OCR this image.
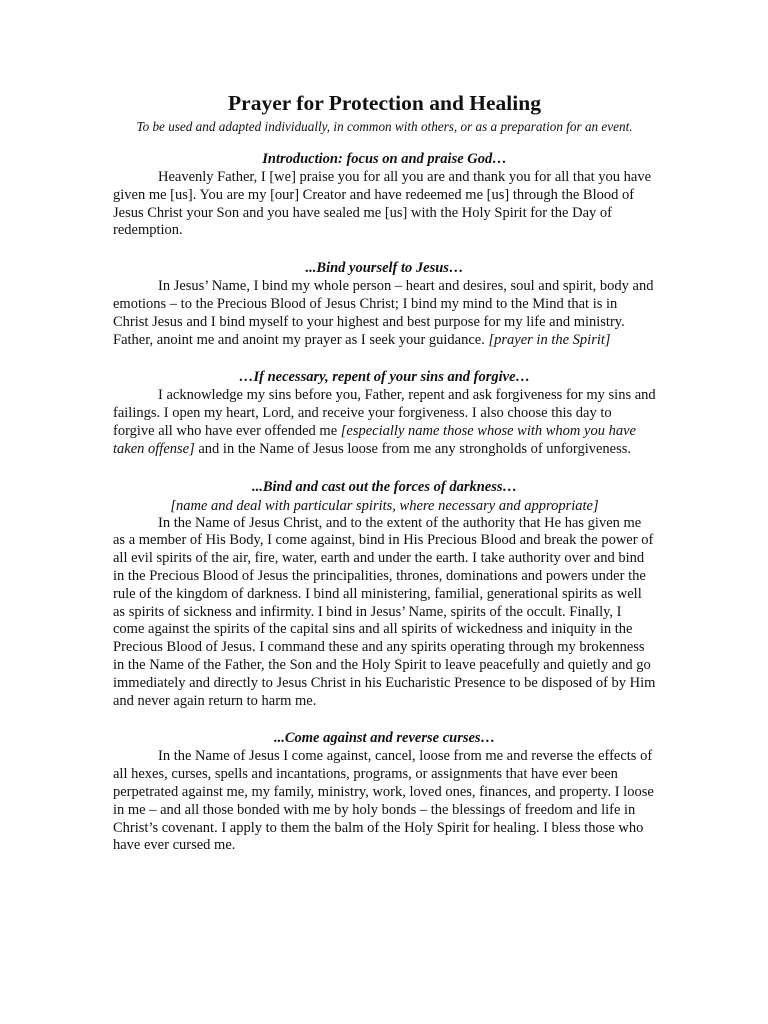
Prayer for Protection and Healing

To be used and adapted individually, in common with others, or as a preparation for an event.

Introduction: focus on and praise God…

Heavenly Father, I [we] praise you for all you are and thank you for all that you have given me [us]. You are my [our] Creator and have redeemed me [us] through the Blood of Jesus Christ your Son and you have sealed me [us] with the Holy Spirit for the Day of redemption.

...Bind yourself to Jesus…

In Jesus’ Name, I bind my whole person – heart and desires, soul and spirit, body and emotions – to the Precious Blood of Jesus Christ; I bind my mind to the Mind that is in Christ Jesus and I bind myself to your highest and best purpose for my life and ministry. Father, anoint me and anoint my prayer as I seek your guidance. [prayer in the Spirit]

…If necessary, repent of your sins and forgive…

I acknowledge my sins before you, Father, repent and ask forgiveness for my sins and failings. I open my heart, Lord, and receive your forgiveness. I also choose this day to forgive all who have ever offended me [especially name those whose with whom you have taken offense] and in the Name of Jesus loose from me any strongholds of unforgiveness.

...Bind and cast out the forces of darkness…

[name and deal with particular spirits, where necessary and appropriate]

In the Name of Jesus Christ, and to the extent of the authority that He has given me as a member of His Body, I come against, bind in His Precious Blood and break the power of all evil spirits of the air, fire, water, earth and under the earth. I take authority over and bind in the Precious Blood of Jesus the principalities, thrones, dominations and powers under the rule of the kingdom of darkness. I bind all ministering, familial, generational spirits as well as spirits of sickness and infirmity. I bind in Jesus’ Name, spirits of the occult. Finally, I come against the spirits of the capital sins and all spirits of wickedness and iniquity in the Precious Blood of Jesus. I command these and any spirits operating through my brokenness in the Name of the Father, the Son and the Holy Spirit to leave peacefully and quietly and go immediately and directly to Jesus Christ in his Eucharistic Presence to be disposed of by Him and never again return to harm me.

...Come against and reverse curses…

In the Name of Jesus I come against, cancel, loose from me and reverse the effects of all hexes, curses, spells and incantations, programs, or assignments that have ever been perpetrated against me, my family, ministry, work, loved ones, finances, and property. I loose in me – and all those bonded with me by holy bonds – the blessings of freedom and life in Christ’s covenant. I apply to them the balm of the Holy Spirit for healing. I bless those who have ever cursed me.
